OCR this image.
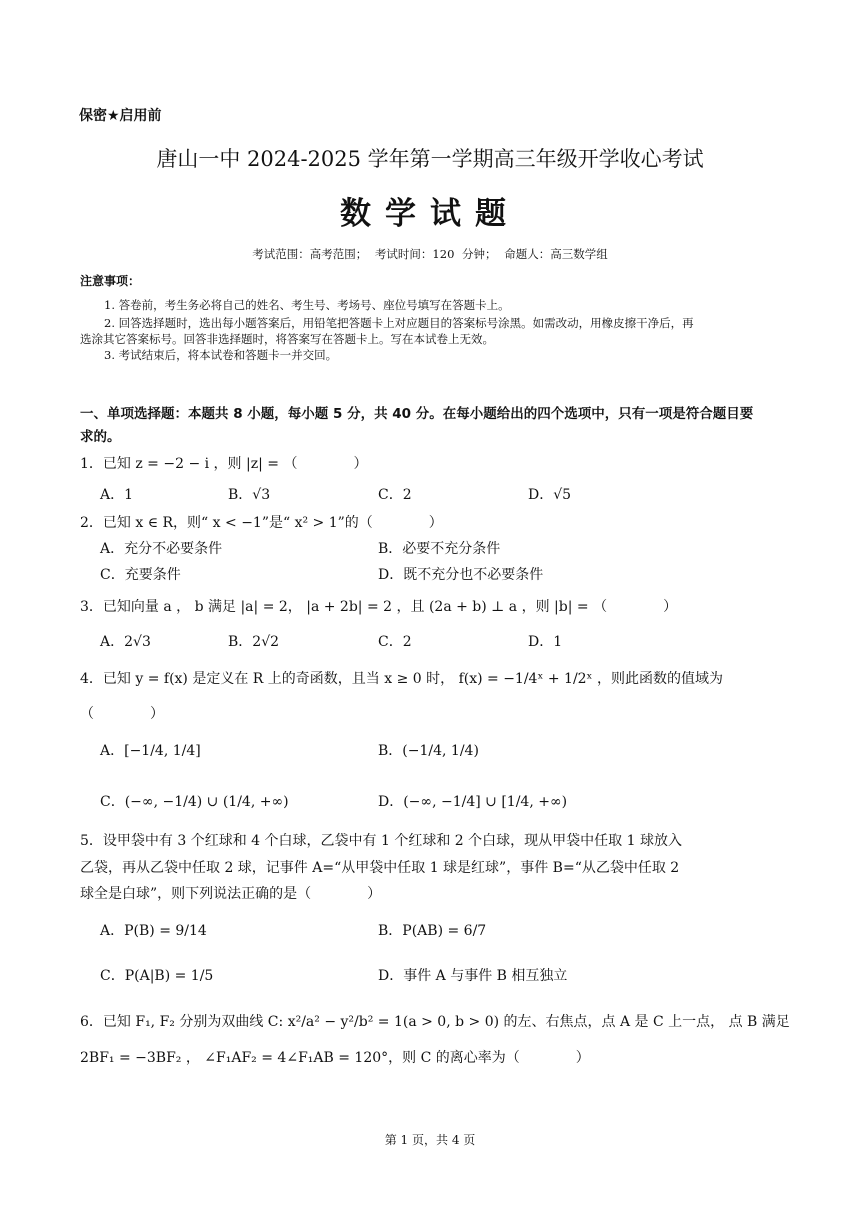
保密★启用前
唐山一中 2024-2025 学年第一学期高三年级开学收心考试
数学试题
考试范围：高考范围； 考试时间：120 分钟； 命题人：高三数学组
注意事项：
1. 答卷前，考生务必将自己的姓名、考生号、考场号、座位号填写在答题卡上。
2. 回答选择题时，选出每小题答案后，用铅笔把答题卡上对应题目的答案标号涂黑。如需改动，用橡皮擦干净后，再
选涂其它答案标号。回答非选择题时，将答案写在答题卡上。写在本试卷上无效。
3. 考试结束后，将本试卷和答题卡一并交回。
一、单项选择题：本题共 8 小题，每小题 5 分，共 40 分。在每小题给出的四个选项中，只有一项是符合题目要
求的。
1．已知 z = −2 − i ，则 |z| = （　　　　）
A．1	B．√3	C．2	D．√5
2．已知 x ∈ R，则“ x < −1”是“ x² > 1”的（　　　　）
A．充分不必要条件	B．必要不充分条件
C．充要条件	D．既不充分也不必要条件
3．已知向量 a ， b 满足 |a| = 2， |a + 2b| = 2 ，且 (2a + b) ⊥ a ，则 |b| = （　　　　）
A．2√3	B．2√2	C．2	D．1
4．已知 y = f(x) 是定义在 R 上的奇函数，且当 x ≥ 0 时， f(x) = −1/4ˣ + 1/2ˣ ，则此函数的值域为
（　　　　）
A．[−1/4, 1/4]	B．(−1/4, 1/4)
C．(−∞, −1/4) ∪ (1/4, +∞)	D．(−∞, −1/4] ∪ [1/4, +∞)
5．设甲袋中有 3 个红球和 4 个白球，乙袋中有 1 个红球和 2 个白球，现从甲袋中任取 1 球放入
乙袋，再从乙袋中任取 2 球，记事件 A=“从甲袋中任取 1 球是红球”，事件 B=“从乙袋中任取 2
球全是白球”，则下列说法正确的是（　　　　）
A．P(B) = 9/14	B．P(AB) = 6/7
C．P(A|B) = 1/5	D．事件 A 与事件 B 相互独立
6．已知 F₁, F₂ 分别为双曲线 C: x²/a² − y²/b² = 1(a > 0, b > 0) 的左、右焦点，点 A 是 C 上一点， 点 B 满足
2BF₁ = −3BF₂ ， ∠F₁AF₂ = 4∠F₁AB = 120°，则 C 的离心率为（　　　　）
第 1 页，共 4 页
